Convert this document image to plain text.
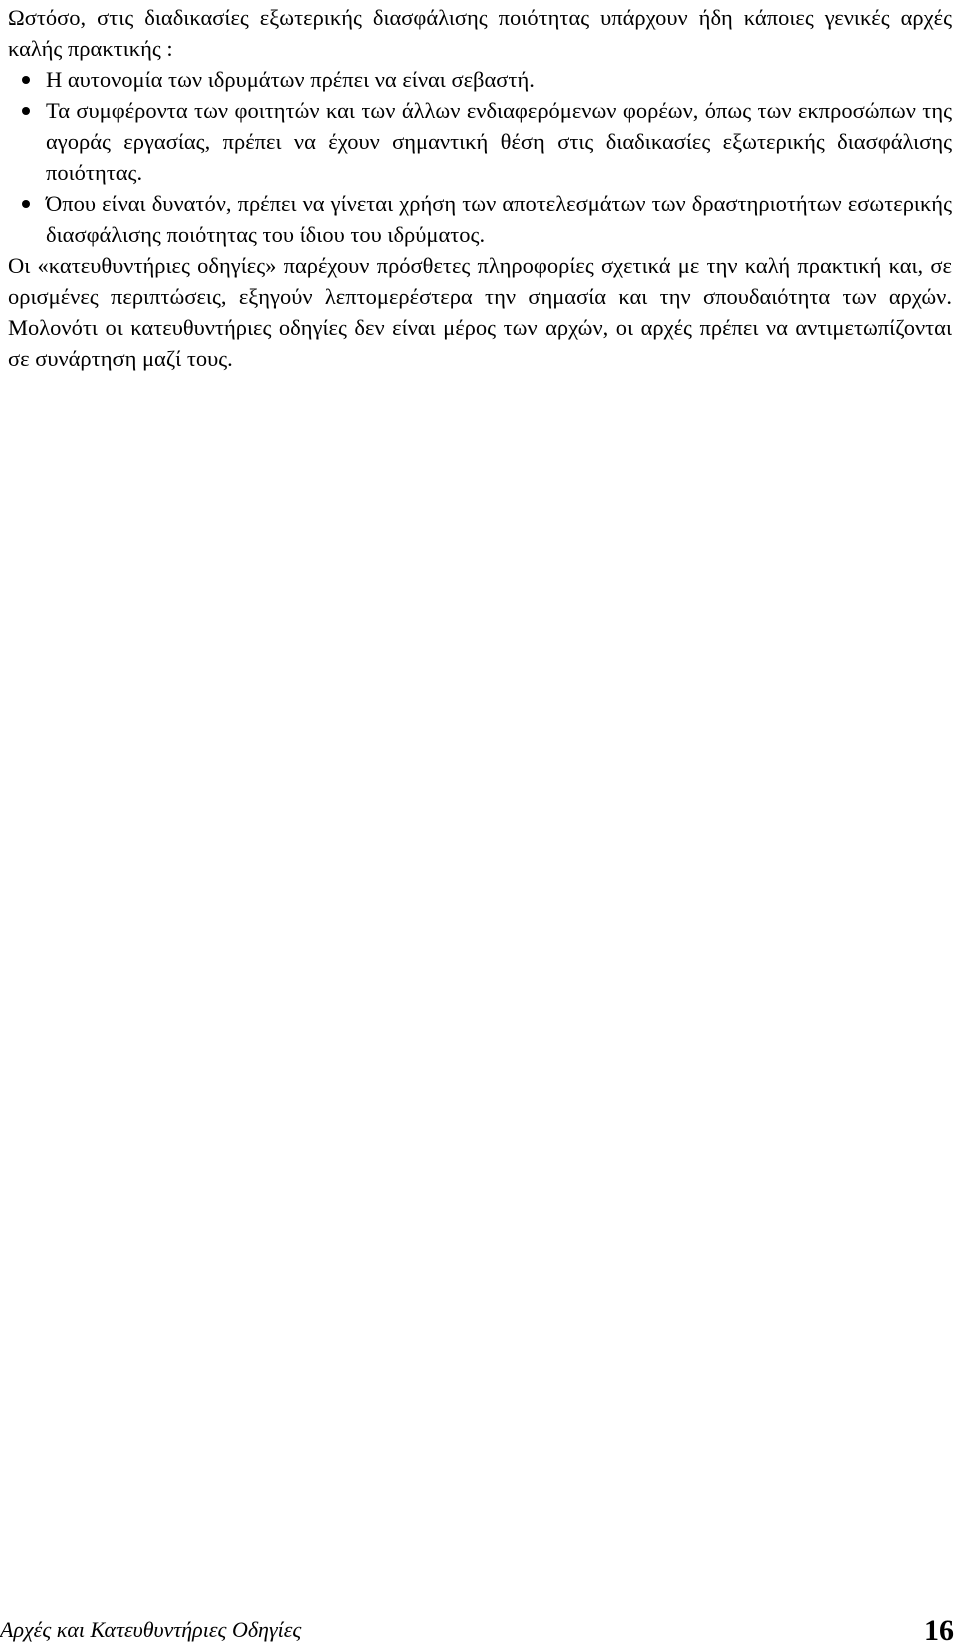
Ωστόσο, στις διαδικασίες εξωτερικής διασφάλισης ποιότητας υπάρχουν ήδη κάποιες γενικές αρχές καλής πρακτικής :

Η αυτονομία των ιδρυμάτων πρέπει να είναι σεβαστή.
Τα συμφέροντα των φοιτητών και των άλλων ενδιαφερόμενων φορέων, όπως των εκπροσώπων της αγοράς εργασίας, πρέπει να έχουν σημαντική θέση στις διαδικασίες εξωτερικής διασφάλισης ποιότητας.
Όπου είναι δυνατόν, πρέπει να γίνεται χρήση των αποτελεσμάτων των δραστηριοτήτων εσωτερικής διασφάλισης ποιότητας του ίδιου του ιδρύματος.

Οι «κατευθυντήριες οδηγίες» παρέχουν πρόσθετες πληροφορίες σχετικά με την καλή πρακτική και, σε ορισμένες περιπτώσεις, εξηγούν λεπτομερέστερα την σημασία και την σπουδαιότητα των αρχών. Μολονότι οι κατευθυντήριες οδηγίες δεν είναι μέρος των αρχών, οι αρχές πρέπει να αντιμετωπίζονται σε συνάρτηση μαζί τους.

Αρχές και Κατευθυντήριες Οδηγίες	16
